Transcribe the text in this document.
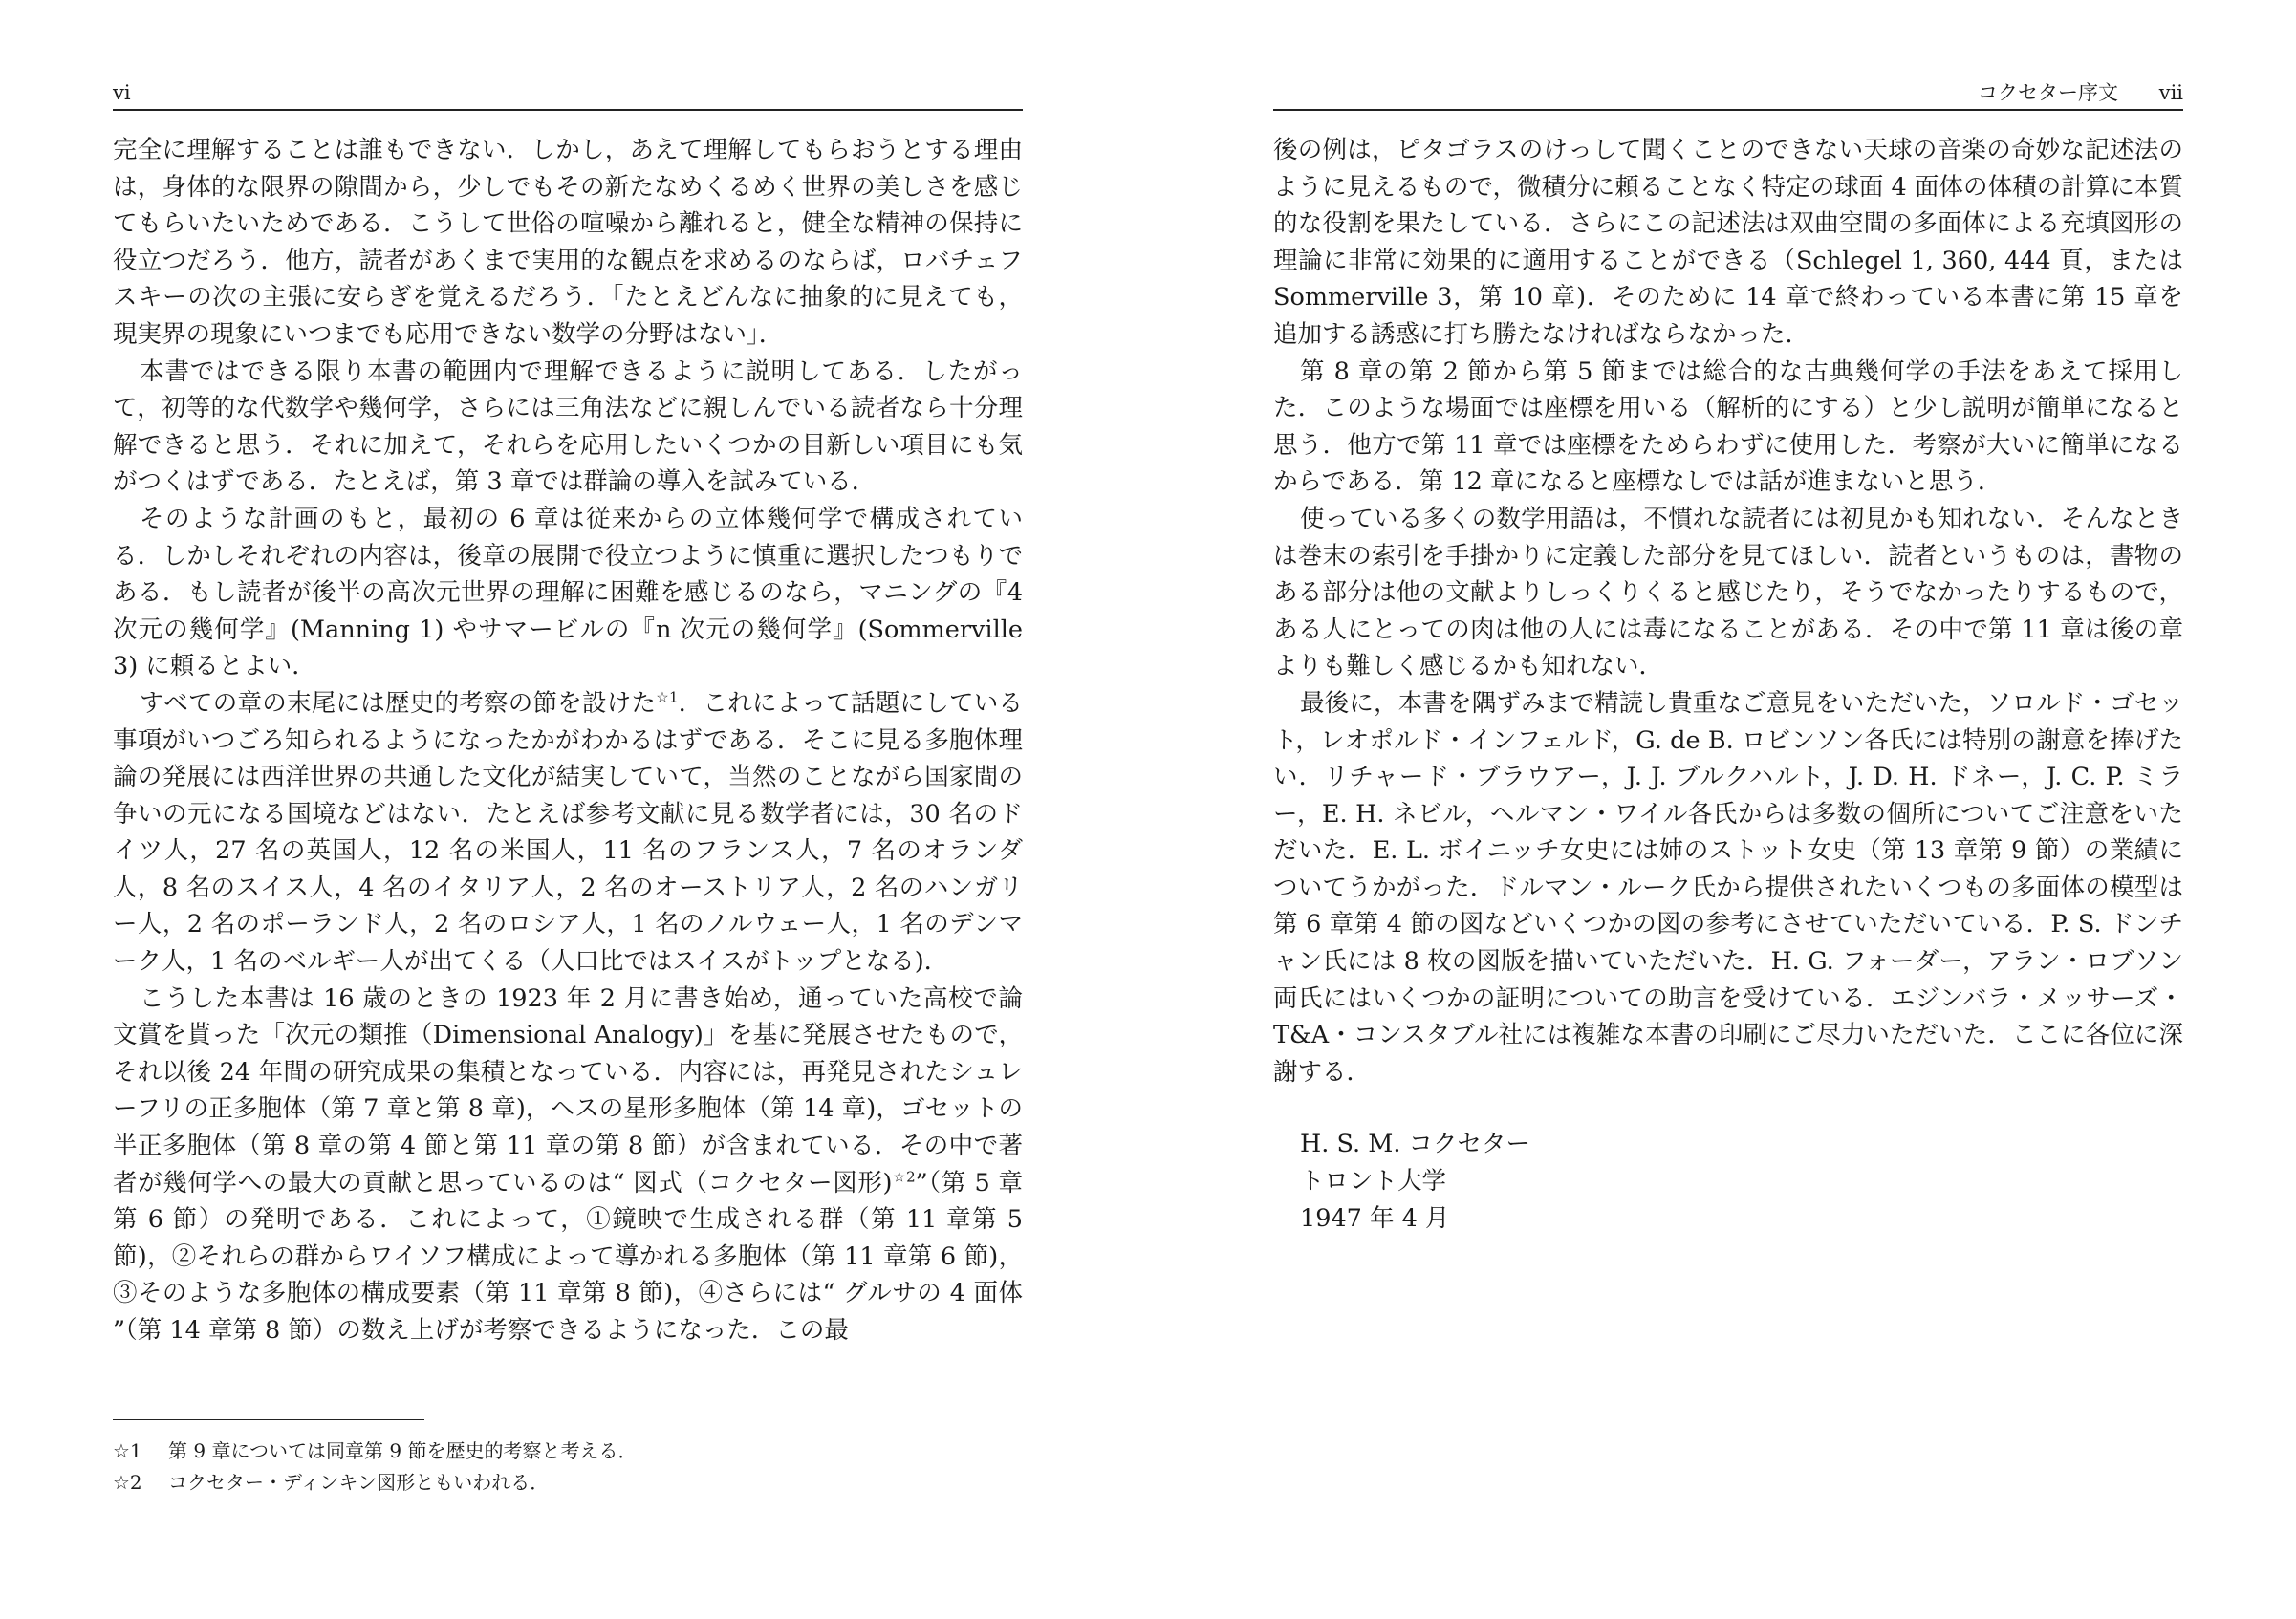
vi

完全に理解することは誰もできない．しかし，あえて理解してもらおうとする理由は，身体的な限界の隙間から，少しでもその新たなめくるめく世界の美しさを感じてもらいたいためである．こうして世俗の喧噪から離れると，健全な精神の保持に役立つだろう．他方，読者があくまで実用的な観点を求めるのならば，ロバチェフスキーの次の主張に安らぎを覚えるだろう．「たとえどんなに抽象的に見えても，現実界の現象にいつまでも応用できない数学の分野はない」．

本書ではできる限り本書の範囲内で理解できるように説明してある．したがって，初等的な代数学や幾何学，さらには三角法などに親しんでいる読者なら十分理解できると思う．それに加えて，それらを応用したいくつかの目新しい項目にも気がつくはずである．たとえば，第 3 章では群論の導入を試みている．

そのような計画のもと，最初の 6 章は従来からの立体幾何学で構成されている．しかしそれぞれの内容は，後章の展開で役立つように慎重に選択したつもりである．もし読者が後半の高次元世界の理解に困難を感じるのなら，マニングの『4 次元の幾何学』(Manning 1) やサマービルの『n 次元の幾何学』(Sommerville 3) に頼るとよい．

すべての章の末尾には歴史的考察の節を設けた$^{☆1}$．これによって話題にしている事項がいつごろ知られるようになったかがわかるはずである．そこに見る多胞体理論の発展には西洋世界の共通した文化が結実していて，当然のことながら国家間の争いの元になる国境などはない．たとえば参考文献に見る数学者には，30 名のドイツ人，27 名の英国人，12 名の米国人，11 名のフランス人，7 名のオランダ人，8 名のスイス人，4 名のイタリア人，2 名のオーストリア人，2 名のハンガリー人，2 名のポーランド人，2 名のロシア人，1 名のノルウェー人，1 名のデンマーク人，1 名のベルギー人が出てくる（人口比ではスイスがトップとなる)．

こうした本書は 16 歳のときの 1923 年 2 月に書き始め，通っていた高校で論文賞を貰った「次元の類推（Dimensional Analogy)」を基に発展させたもので，それ以後 24 年間の研究成果の集積となっている．内容には，再発見されたシュレーフリの正多胞体（第 7 章と第 8 章)，ヘスの星形多胞体（第 14 章)，ゴセットの半正多胞体（第 8 章の第 4 節と第 11 章の第 8 節）が含まれている．その中で著者が幾何学への最大の貢献と思っているのは“ 図式（コクセター図形)$^{☆2}$”（第 5 章第 6 節）の発明である．これによって，①鏡映で生成される群（第 11 章第 5 節)，②それらの群からワイソフ構成によって導かれる多胞体（第 11 章第 6 節)，③そのような多胞体の構成要素（第 11 章第 8 節)，④さらには“ グルサの 4 面体 ”（第 14 章第 8 節）の数え上げが考察できるようになった．この最

☆1	第 9 章については同章第 9 節を歴史的考察と考える．
☆2	コクセター・ディンキン図形ともいわれる．
コクセター序文 vii

後の例は，ピタゴラスのけっして聞くことのできない天球の音楽の奇妙な記述法のように見えるもので，微積分に頼ることなく特定の球面 4 面体の体積の計算に本質的な役割を果たしている．さらにこの記述法は双曲空間の多面体による充填図形の理論に非常に効果的に適用することができる（Schlegel 1, 360, 444 頁，または Sommerville 3，第 10 章)．そのために 14 章で終わっている本書に第 15 章を追加する誘惑に打ち勝たなければならなかった．

第 8 章の第 2 節から第 5 節までは総合的な古典幾何学の手法をあえて採用した．このような場面では座標を用いる（解析的にする）と少し説明が簡単になると思う．他方で第 11 章では座標をためらわずに使用した．考察が大いに簡単になるからである．第 12 章になると座標なしでは話が進まないと思う．

使っている多くの数学用語は，不慣れな読者には初見かも知れない．そんなときは巻末の索引を手掛かりに定義した部分を見てほしい．読者というものは，書物のある部分は他の文献よりしっくりくると感じたり，そうでなかったりするもので，ある人にとっての肉は他の人には毒になることがある．その中で第 11 章は後の章よりも難しく感じるかも知れない．

最後に，本書を隅ずみまで精読し貴重なご意見をいただいた，ソロルド・ゴセット，レオポルド・インフェルド，G. de B. ロビンソン各氏には特別の謝意を捧げたい．リチャード・ブラウアー，J. J. ブルクハルト，J. D. H. ドネー，J. C. P. ミラー，E. H. ネビル，ヘルマン・ワイル各氏からは多数の個所についてご注意をいただいた．E. L. ボイニッチ女史には姉のストット女史（第 13 章第 9 節）の業績についてうかがった．ドルマン・ルーク氏から提供されたいくつもの多面体の模型は第 6 章第 4 節の図などいくつかの図の参考にさせていただいている．P. S. ドンチャン氏には 8 枚の図版を描いていただいた．H. G. フォーダー，アラン・ロブソン両氏にはいくつかの証明についての助言を受けている．エジンバラ・メッサーズ・T&A・コンスタブル社には複雑な本書の印刷にご尽力いただいた．ここに各位に深謝する．

H. S. M. コクセター
トロント大学
1947 年 4 月
